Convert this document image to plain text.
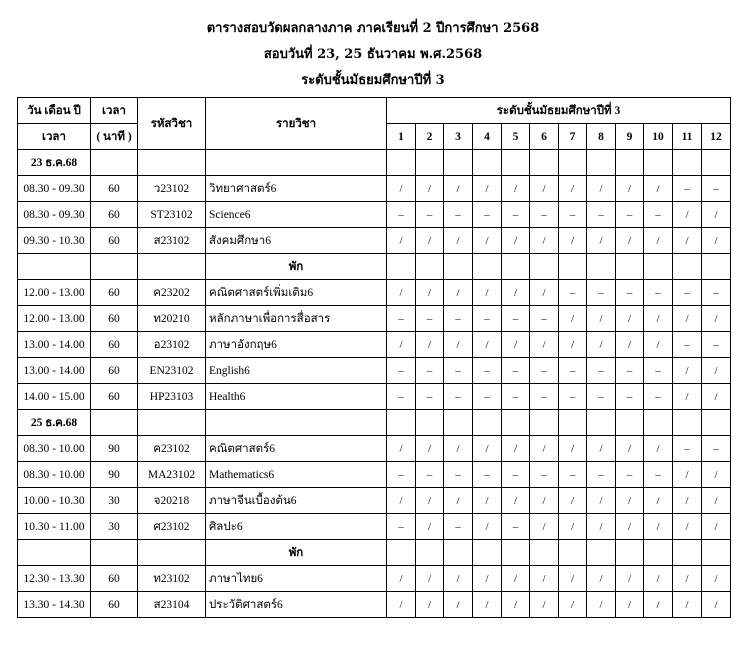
ตารางสอบวัดผลกลางภาค ภาคเรียนที่ 2 ปีการศึกษา 2568
สอบวันที่ 23, 25 ธันวาคม พ.ศ.2568
ระดับชั้นมัธยมศึกษาปีที่ 3
วัน เดือน ปี	เวลา	รหัสวิชา	รายวิชา	ระดับชั้นมัธยมศึกษาปีที่ 3											
เวลา	( นาที )			1	2	3	4	5	6	7	8	9	10	11	12
23 ธ.ค.68															
08.30 - 09.30	60	ว23102	วิทยาศาสตร์6	/	/	/	/	/	/	/	/	/	/	–	–
08.30 - 09.30	60	ST23102	Science6	–	–	–	–	–	–	–	–	–	–	/	/
09.30 - 10.30	60	ส23102	สังคมศึกษา6	/	/	/	/	/	/	/	/	/	/	/	/
			พัก												
12.00 - 13.00	60	ค23202	คณิตศาสตร์เพิ่มเติม6	/	/	/	/	/	/	–	–	–	–	–	–
12.00 - 13.00	60	ท20210	หลักภาษาเพื่อการสื่อสาร	–	–	–	–	–	–	/	/	/	/	/	/
13.00 - 14.00	60	อ23102	ภาษาอังกฤษ6	/	/	/	/	/	/	/	/	/	/	–	–
13.00 - 14.00	60	EN23102	English6	–	–	–	–	–	–	–	–	–	–	/	/
14.00 - 15.00	60	HP23103	Health6	–	–	–	–	–	–	–	–	–	–	/	/
25 ธ.ค.68															
08.30 - 10.00	90	ค23102	คณิตศาสตร์6	/	/	/	/	/	/	/	/	/	/	–	–
08.30 - 10.00	90	MA23102	Mathematics6	–	–	–	–	–	–	–	–	–	–	/	/
10.00 - 10.30	30	จ20218	ภาษาจีนเบื้องต้น6	/	/	/	/	/	/	/	/	/	/	/	/
10.30 - 11.00	30	ศ23102	ศิลปะ6	–	/	–	/	–	/	/	/	/	/	/	/
			พัก												
12.30 - 13.30	60	ท23102	ภาษาไทย6	/	/	/	/	/	/	/	/	/	/	/	/
13.30 - 14.30	60	ส23104	ประวัติศาสตร์6	/	/	/	/	/	/	/	/	/	/	/	/
